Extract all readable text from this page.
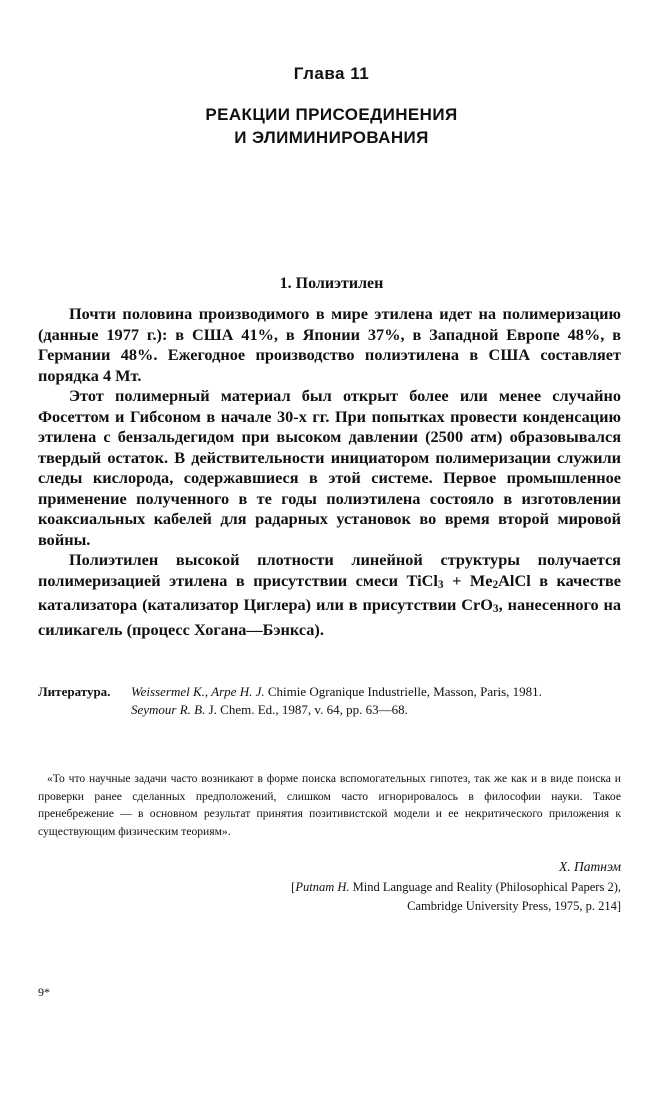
Глава 11
РЕАКЦИИ ПРИСОЕДИНЕНИЯ
И ЭЛИМИНИРОВАНИЯ
1. Полиэтилен

Почти половина производимого в мире этилена идет на полимеризацию (данные 1977 г.): в США 41%, в Японии 37%, в Западной Европе 48%, в Германии 48%. Ежегодное производство полиэтилена в США составляет порядка 4 Мт.

Этот полимерный материал был открыт более или менее случайно Фосеттом и Гибсоном в начале 30-х гг. При попытках провести конденсацию этилена с бензальдегидом при высоком давлении (2500 атм) образовывался твердый остаток. В действительности инициатором полимеризации служили следы кислорода, содержавшиеся в этой системе. Первое промышленное применение полученного в те годы полиэтилена состояло в изготовлении коаксиальных кабелей для радарных установок во время второй мировой войны.

Полиэтилен высокой плотности линейной структуры получается полимеризацией этилена в присутствии смеси TiCl$_3$ + $Me_2AlCl$ в качестве катализатора (катализатор Циглера) или в присутствии CrO$_3$, нанесенного на силикагель (процесс Хогана—Бэнкса).

Литература.	Weissermel K., Arpe H. J. Chimie Ogranique Industrielle, Masson, Paris, 1981.
Seymour R. B. J. Chem. Ed., 1987, v. 64, pp. 63—68.

«То что научные задачи часто возникают в форме поиска вспомогательных гипотез, так же как и в виде поиска и проверки ранее сделанных предположений, слишком часто игнорировалось в философии науки. Такое пренебрежение — в основном результат принятия позитивистской модели и ее некритического приложения к существующим физическим теориям».

X. Патнэм
[Putnam H. Mind Language and Reality (Philosophical Papers 2),
Cambridge University Press, 1975, p. 214]
9*
